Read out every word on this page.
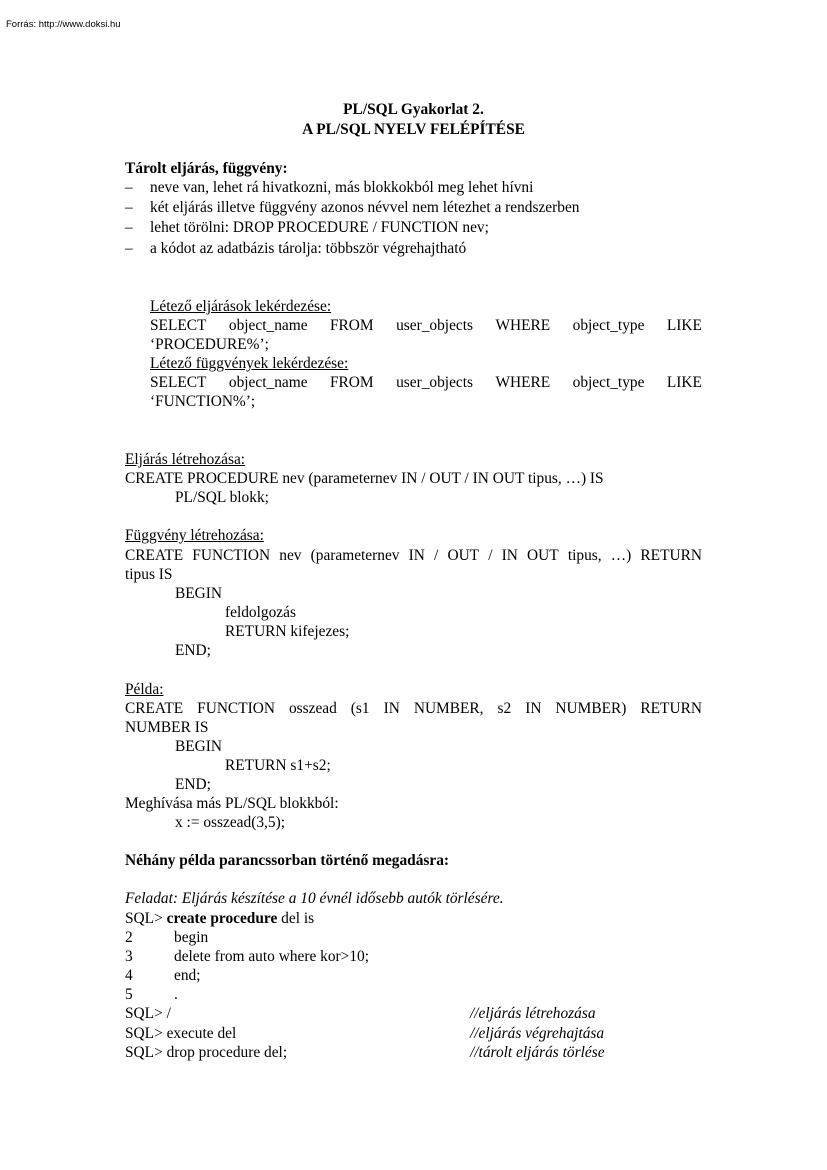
Forrás: http://www.doksi.hu
PL/SQL Gyakorlat 2.
A PL/SQL NYELV FELÉPÍTÉSE
Tárolt eljárás, függvény:
–	neve van, lehet rá hivatkozni, más blokkokból meg lehet hívni
–	két eljárás illetve függvény azonos névvel nem létezhet a rendszerben
–	lehet törölni: DROP PROCEDURE / FUNCTION nev;
–	a kódot az adatbázis tárolja: többször végrehajtható
Létező eljárások lekérdezése:
SELECT object_name FROM user_objects WHERE object_type LIKE
‘PROCEDURE%’;
Létező függvények lekérdezése:
SELECT object_name FROM user_objects WHERE object_type LIKE
‘FUNCTION%’;
Eljárás létrehozása:
CREATE PROCEDURE nev (parameternev IN / OUT / IN OUT tipus, …) IS
PL/SQL blokk;
Függvény létrehozása:
CREATE FUNCTION nev (parameternev IN / OUT / IN OUT tipus, …) RETURN
tipus IS
BEGIN
feldolgozás
RETURN kifejezes;
END;
Példa:
CREATE FUNCTION osszead (s1 IN NUMBER, s2 IN NUMBER) RETURN
NUMBER IS
BEGIN
RETURN s1+s2;
END;
Meghívása más PL/SQL blokkból:
x := osszead(3,5);
Néhány példa parancssorban történő megadásra:
Feladat: Eljárás készítése a 10 évnél idősebb autók törlésére.
SQL> create procedure del is
2	begin
3	delete from auto where kor>10;
4	end;
5	.
SQL> /	//eljárás létrehozása
SQL> execute del	//eljárás végrehajtása
SQL> drop procedure del;	//tárolt eljárás törlése
